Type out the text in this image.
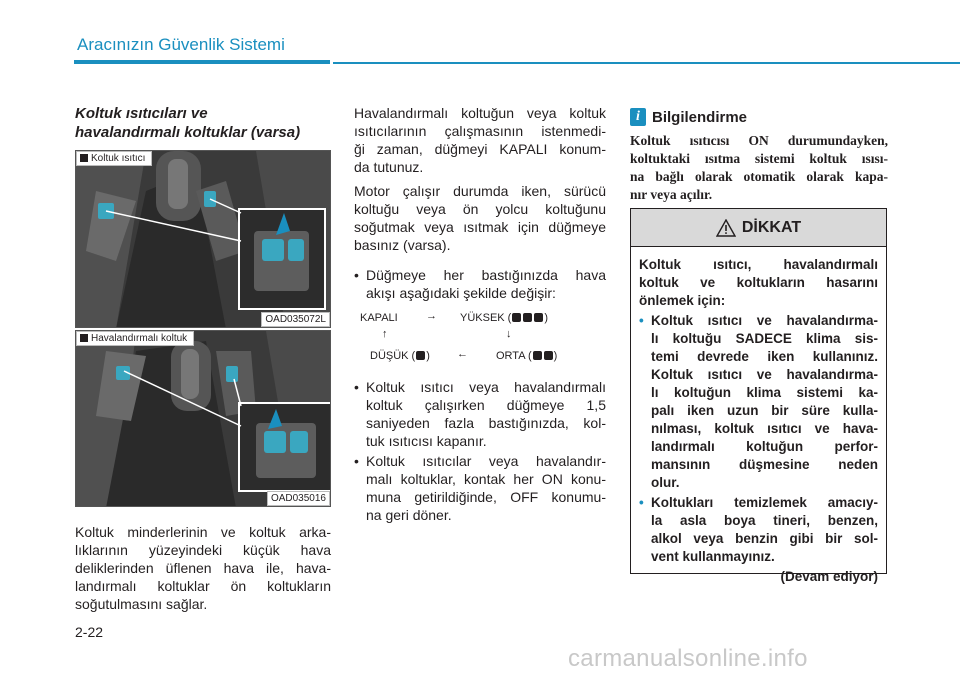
Aracınızın Güvenlik Sistemi
Koltuk ısıtıcıları ve
havalandırmalı koltuklar (varsa)
Koltuk ısıtıcı
OAD035072L
Havalandırmalı koltuk
OAD035016
Koltuk minderlerinin ve koltuk arka-
lıklarının yüzeyindeki küçük hava
deliklerinden üflenen hava ile, hava-
landırmalı koltuklar ön koltukların
soğutulmasını sağlar.
Havalandırmalı koltuğun veya koltuk
ısıtıcılarının çalışmasının istenmedi-
ği zaman, düğmeyi KAPALI konum-
da tutunuz.
Motor çalışır durumda iken, sürücü
koltuğu veya ön yolcu koltuğunu
soğutmak veya ısıtmak için düğmeye
basınız (varsa).
• Düğmeye her bastığınızda hava
akışı aşağıdaki şekilde değişir:
KAPALI	→ YÜKSEK (	)
↑	↓
DÜŞÜK ( ) ←	ORTA ( )
• Koltuk ısıtıcı veya havalandırmalı
koltuk çalışırken düğmeye 1,5
saniyeden fazla bastığınızda, kol-
tuk ısıtıcısı kapanır.
• Koltuk ısıtıcılar veya havalandır-
malı koltuklar, kontak her ON konu-
muna getirildiğinde, OFF konumu-
na geri döner.
i Bilgilendirme
Koltuk ısıtıcısı ON durumundayken,
koltuktaki ısıtma sistemi koltuk ısısı-
na bağlı olarak otomatik olarak kapa-
nır veya açılır.
DİKKAT
Koltuk ısıtıcı, havalandırmalı
koltuk ve koltukların hasarını
önlemek için:
• Koltuk ısıtıcı ve havalandırma-
lı koltuğu SADECE klima sis-
temi devrede iken kullanınız.
Koltuk ısıtıcı ve havalandırma-
lı koltuğun klima sistemi ka-
palı iken uzun bir süre kulla-
nılması, koltuk ısıtıcı ve hava-
landırmalı koltuğun perfor-
mansının düşmesine neden
olur.
• Koltukları temizlemek amacıy-
la asla boya tineri, benzen,
alkol veya benzin gibi bir sol-
vent kullanmayınız.
(Devam ediyor)
2-22
carmanualsonline.info
